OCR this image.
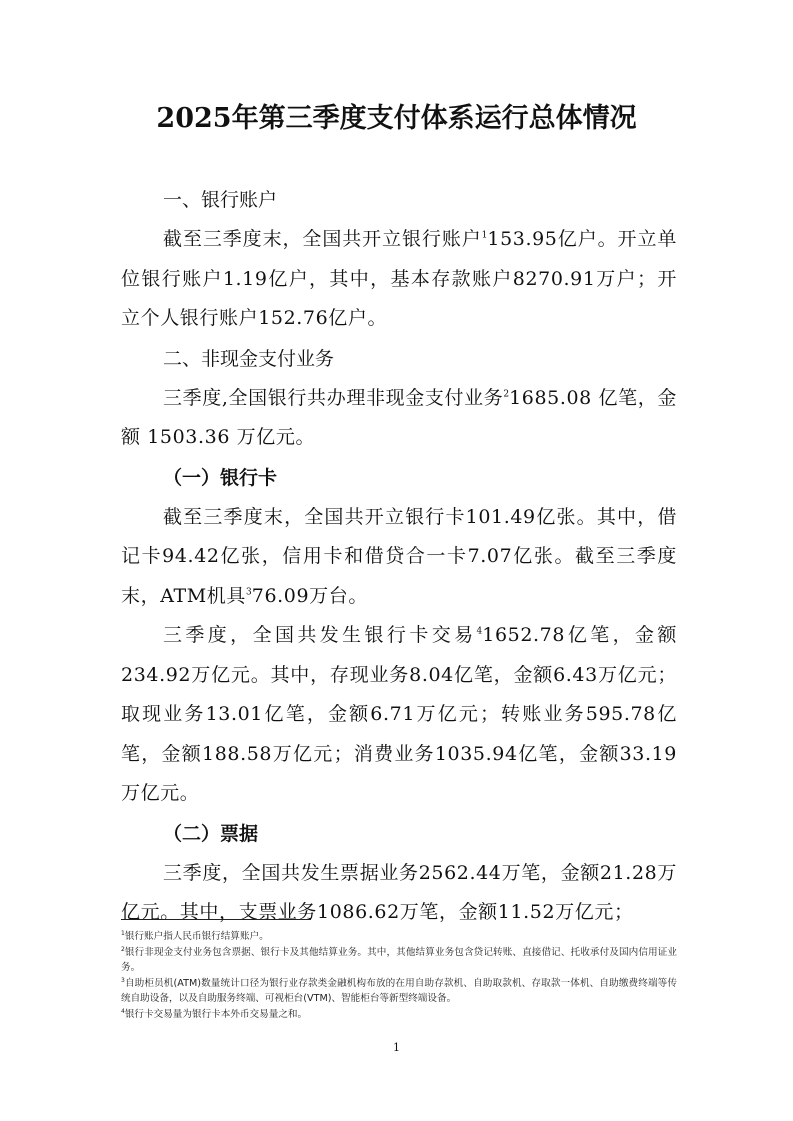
2025年第三季度支付体系运行总体情况
一、银行账户

截至三季度末，全国共开立银行账户$^1$153.95亿户。开立单位银行账户1.19亿户，其中，基本存款账户8270.91万户；开立个人银行账户152.76亿户。

二、非现金支付业务

三季度,全国银行共办理非现金支付业务$^2$1685.08 亿笔，金额 1503.36 万亿元。

（一）银行卡

截至三季度末，全国共开立银行卡101.49亿张。其中，借记卡94.42亿张，信用卡和借贷合一卡7.07亿张。截至三季度末，ATM机具$^3$76.09万台。

三季度，全国共发生银行卡交易$^4$1652.78亿笔，金额234.92万亿元。其中，存现业务8.04亿笔，金额6.43万亿元；取现业务13.01亿笔，金额6.71万亿元；转账业务595.78亿笔，金额188.58万亿元；消费业务1035.94亿笔，金额33.19万亿元。

（二）票据

三季度，全国共发生票据业务2562.44万笔，金额21.28万亿元。其中，支票业务1086.62万笔，金额11.52万亿元；

$^1$银行账户指人民币银行结算账户。

$^2$银行非现金支付业务包含票据、银行卡及其他结算业务。其中，其他结算业务包含贷记转账、直接借记、托收承付及国内信用证业务。

$^3$自助柜员机(ATM)数量统计口径为银行业存款类金融机构布放的在用自助存款机、自助取款机、存取款一体机、自助缴费终端等传统自助设备，以及自助服务终端、可视柜台(VTM)、智能柜台等新型终端设备。

$^4$银行卡交易量为银行卡本外币交易量之和。

1
